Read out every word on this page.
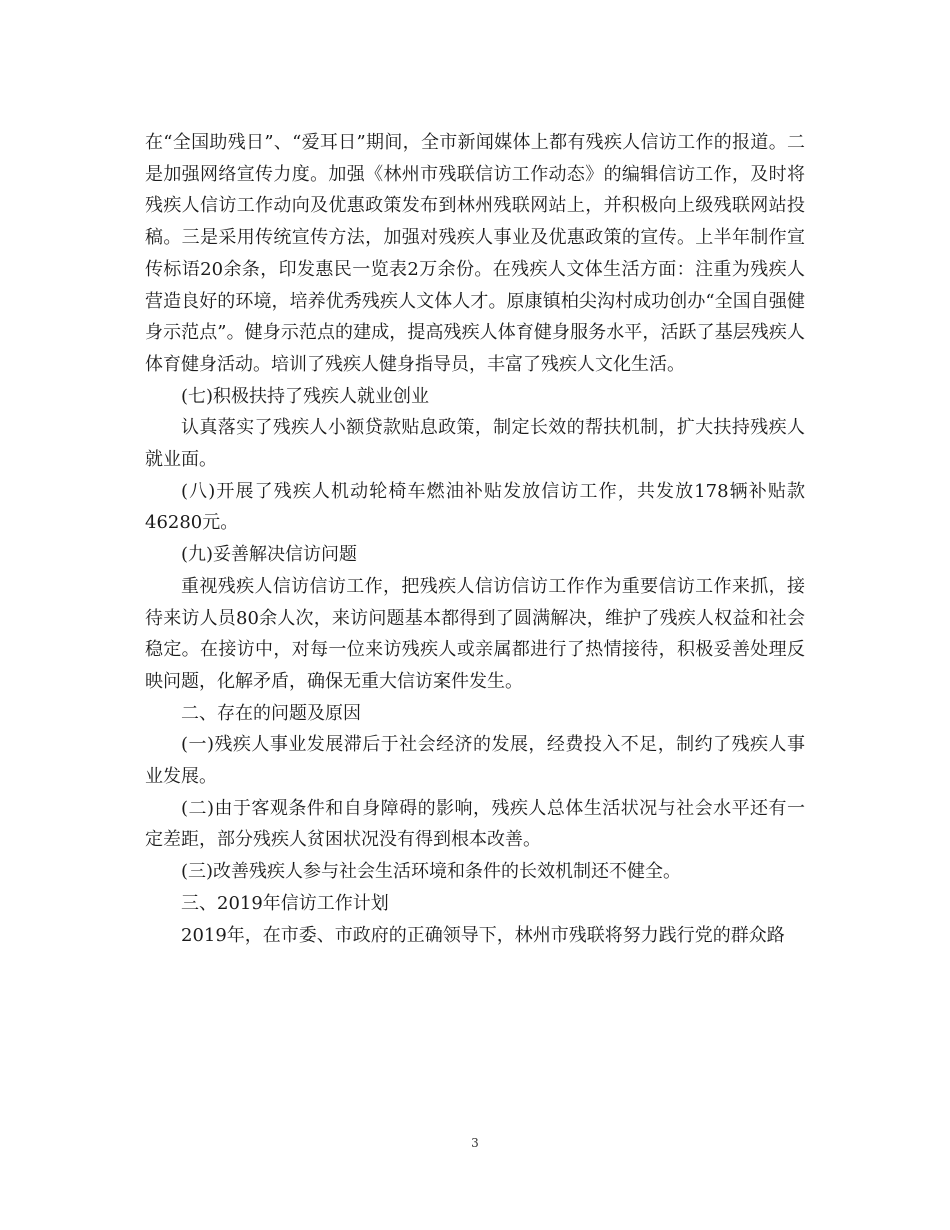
在“全国助残日”、“爱耳日”期间，全市新闻媒体上都有残疾人信访工作的报道。二是加强网络宣传力度。加强《林州市残联信访工作动态》的编辑信访工作，及时将残疾人信访工作动向及优惠政策发布到林州残联网站上，并积极向上级残联网站投稿。三是采用传统宣传方法，加强对残疾人事业及优惠政策的宣传。上半年制作宣传标语20余条，印发惠民一览表2万余份。在残疾人文体生活方面：注重为残疾人营造良好的环境，培养优秀残疾人文体人才。原康镇柏尖沟村成功创办“全国自强健身示范点”。健身示范点的建成，提高残疾人体育健身服务水平，活跃了基层残疾人体育健身活动。培训了残疾人健身指导员，丰富了残疾人文化生活。

(七)积极扶持了残疾人就业创业

认真落实了残疾人小额贷款贴息政策，制定长效的帮扶机制，扩大扶持残疾人就业面。

(八)开展了残疾人机动轮椅车燃油补贴发放信访工作，共发放178辆补贴款46280元。

(九)妥善解决信访问题

重视残疾人信访信访工作，把残疾人信访信访工作作为重要信访工作来抓，接待来访人员80余人次，来访问题基本都得到了圆满解决，维护了残疾人权益和社会稳定。在接访中，对每一位来访残疾人或亲属都进行了热情接待，积极妥善处理反映问题，化解矛盾，确保无重大信访案件发生。

二、存在的问题及原因

(一)残疾人事业发展滞后于社会经济的发展，经费投入不足，制约了残疾人事业发展。

(二)由于客观条件和自身障碍的影响，残疾人总体生活状况与社会水平还有一定差距，部分残疾人贫困状况没有得到根本改善。

(三)改善残疾人参与社会生活环境和条件的长效机制还不健全。

三、2019年信访工作计划

2019年，在市委、市政府的正确领导下，林州市残联将努力践行党的群众路

3
